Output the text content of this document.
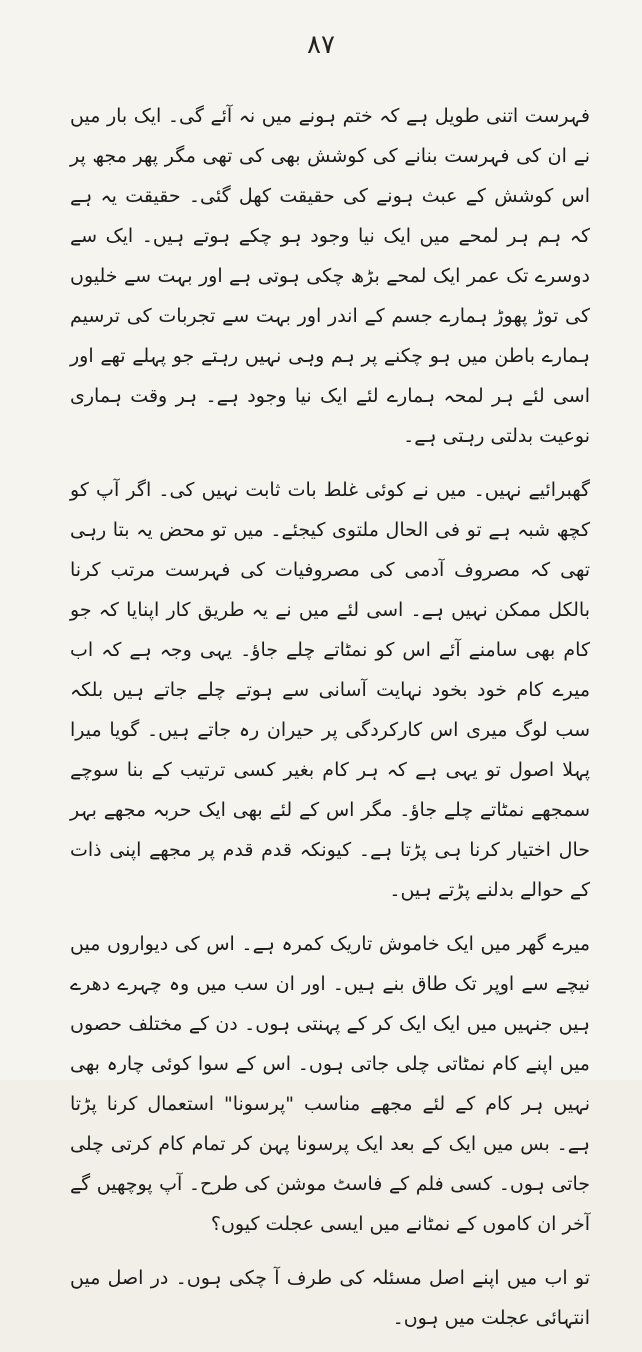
۸۷

فہرست اتنی طویل ہے کہ ختم ہونے میں نہ آئے گی۔ ایک بار میں نے ان کی فہرست بنانے کی کوشش بھی کی تھی مگر پھر مجھ پر اس کوشش کے عبث ہونے کی حقیقت کھل گئی۔ حقیقت یہ ہے کہ ہم ہر لمحے میں ایک نیا وجود ہو چکے ہوتے ہیں۔ ایک سے دوسرے تک عمر ایک لمحے بڑھ چکی ہوتی ہے اور بہت سے خلیوں کی توڑ پھوڑ ہمارے جسم کے اندر اور بہت سے تجربات کی ترسیم ہمارے باطن میں ہو چکنے پر ہم وہی نہیں رہتے جو پہلے تھے اور اسی لئے ہر لمحہ ہمارے لئے ایک نیا وجود ہے۔ ہر وقت ہماری نوعیت بدلتی رہتی ہے۔

گھبرائیے نہیں۔ میں نے کوئی غلط بات ثابت نہیں کی۔ اگر آپ کو کچھ شبہ ہے تو فی الحال ملتوی کیجئے۔ میں تو محض یہ بتا رہی تھی کہ مصروف آدمی کی مصروفیات کی فہرست مرتب کرنا بالکل ممکن نہیں ہے۔ اسی لئے میں نے یہ طریق کار اپنایا کہ جو کام بھی سامنے آئے اس کو نمٹاتے چلے جاؤ۔ یہی وجہ ہے کہ اب میرے کام خود بخود نہایت آسانی سے ہوتے چلے جاتے ہیں بلکہ سب لوگ میری اس کارکردگی پر حیران رہ جاتے ہیں۔ گویا میرا پہلا اصول تو یہی ہے کہ ہر کام بغیر کسی ترتیب کے بنا سوچے سمجھے نمٹاتے چلے جاؤ۔ مگر اس کے لئے بھی ایک حربہ مجھے بہر حال اختیار کرنا ہی پڑتا ہے۔ کیونکہ قدم قدم پر مجھے اپنی ذات کے حوالے بدلنے پڑتے ہیں۔

میرے گھر میں ایک خاموش تاریک کمرہ ہے۔ اس کی دیواروں میں نیچے سے اوپر تک طاق بنے ہیں۔ اور ان سب میں وہ چہرے دھرے ہیں جنہیں میں ایک ایک کر کے پہنتی ہوں۔ دن کے مختلف حصوں میں اپنے کام نمٹاتی چلی جاتی ہوں۔ اس کے سوا کوئی چارہ بھی نہیں ہر کام کے لئے مجھے مناسب "پرسونا" استعمال کرنا پڑتا ہے۔ بس میں ایک کے بعد ایک پرسونا پہن کر تمام کام کرتی چلی جاتی ہوں۔ کسی فلم کے فاسٹ موشن کی طرح۔ آپ پوچھیں گے آخر ان کاموں کے نمٹانے میں ایسی عجلت کیوں؟

تو اب میں اپنے اصل مسئلہ کی طرف آ چکی ہوں۔ در اصل میں انتہائی عجلت میں ہوں۔
